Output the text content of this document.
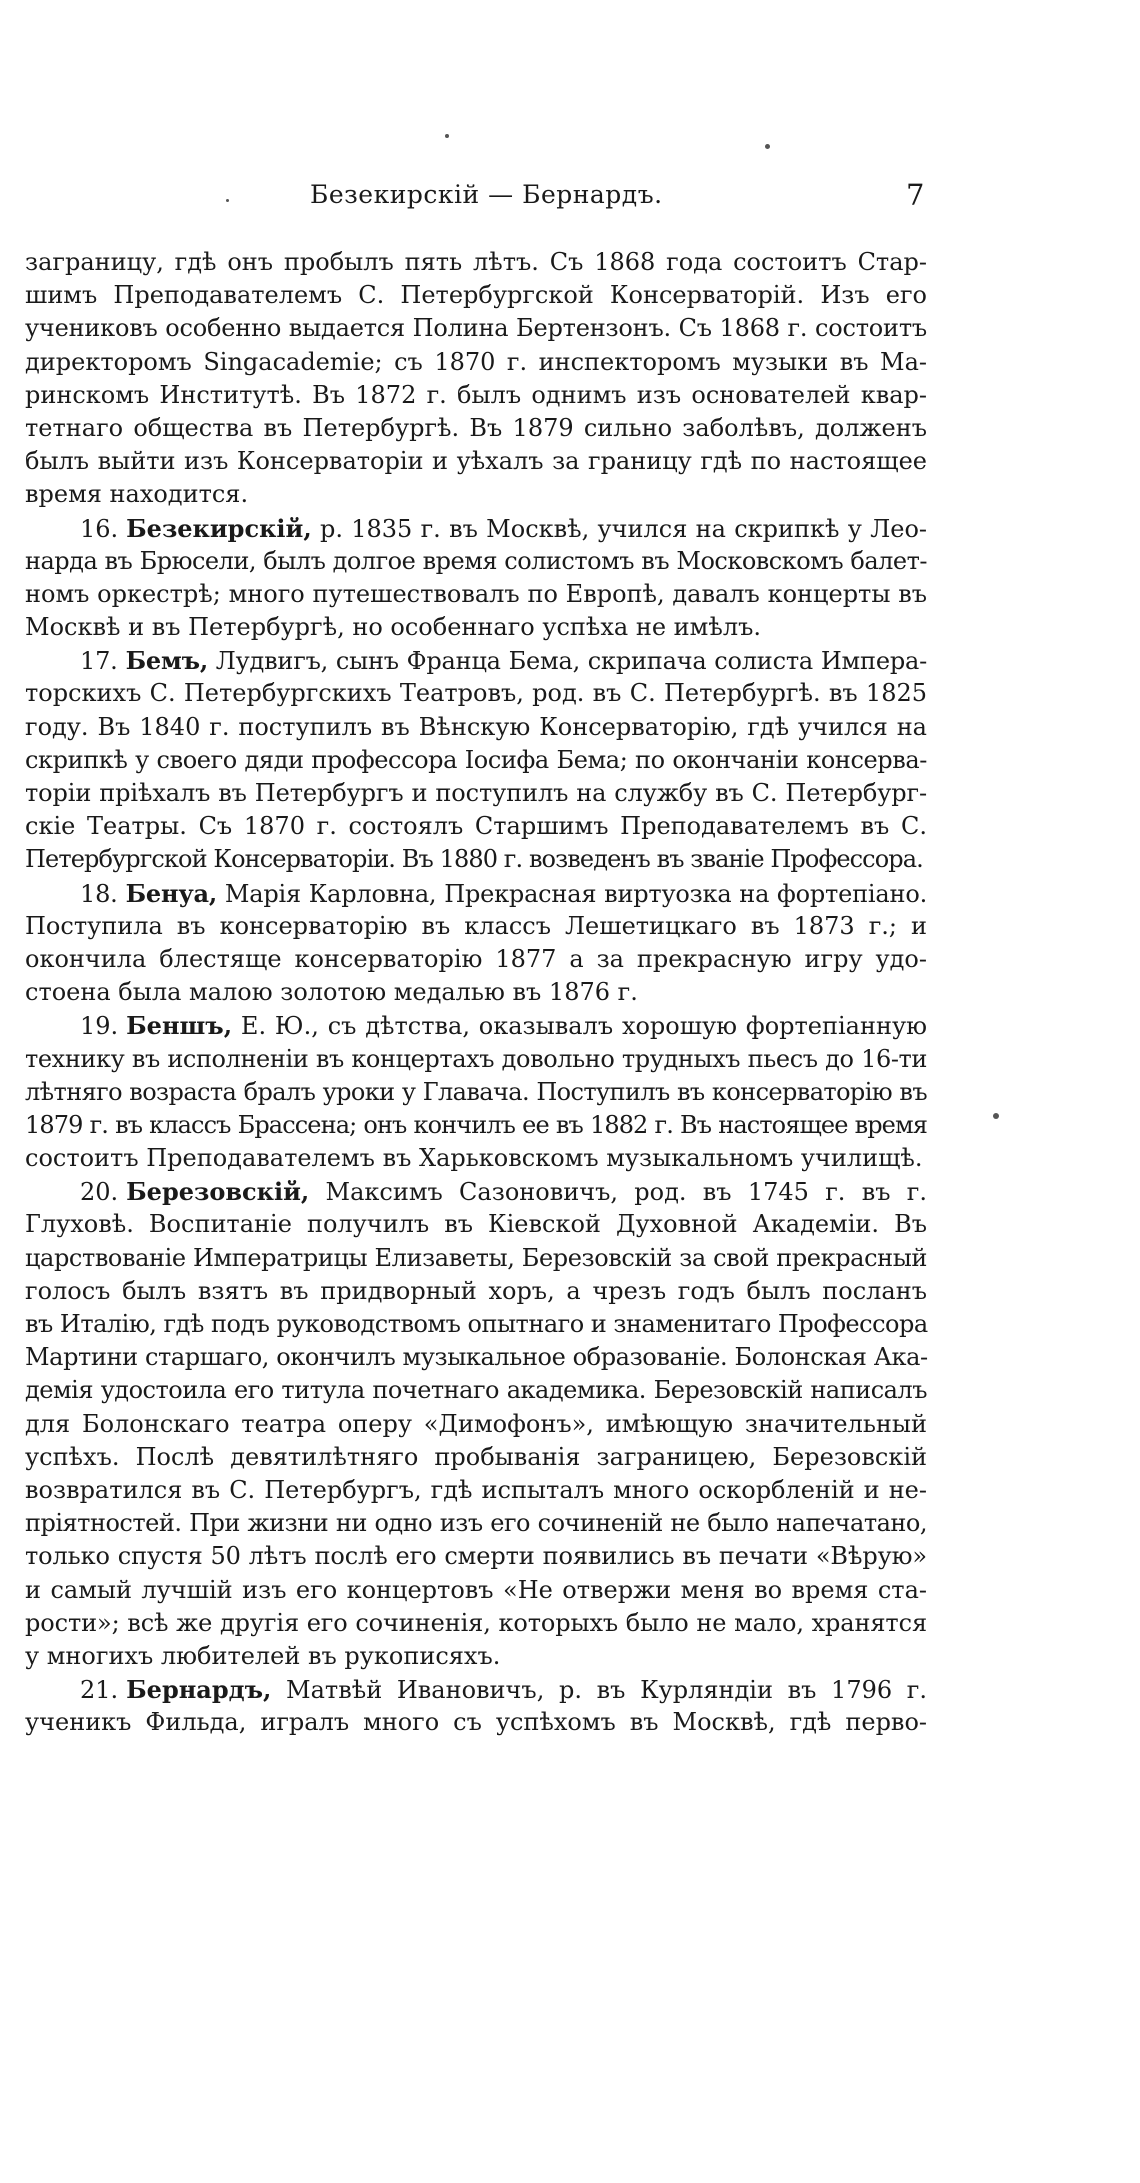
Безекирскій — Бернардъ.	7
заграницу, гдѣ онъ пробылъ пять лѣтъ. Съ 1868 года состоитъ Стар-
шимъ Преподавателемъ С. Петербургской Консерваторій. Изъ его
учениковъ особенно выдается Полина Бертензонъ. Съ 1868 г. состоитъ
директоромъ Singacademie; съ 1870 г. инспекторомъ музыки въ Ма-
ринскомъ Институтѣ. Въ 1872 г. былъ однимъ изъ основателей квар-
тетнаго общества въ Петербургѣ. Въ 1879 сильно заболѣвъ, долженъ
былъ выйти изъ Консерваторіи и уѣхалъ за границу гдѣ по настоящее
время находится.
16. Безекирскій, р. 1835 г. въ Москвѣ, учился на скрипкѣ у Лео-
нарда въ Брюсели, былъ долгое время солистомъ въ Московскомъ балет-
номъ оркестрѣ; много путешествовалъ по Европѣ, давалъ концерты въ
Москвѣ и въ Петербургѣ, но особеннаго успѣха не имѣлъ.
17. Бемъ, Лудвигъ, сынъ Франца Бема, скрипача солиста Импера-
торскихъ С. Петербургскихъ Театровъ, род. въ С. Петербургѣ. въ 1825
году. Въ 1840 г. поступилъ въ Вѣнскую Консерваторію, гдѣ учился на
скрипкѣ у своего дяди профессора Іосифа Бема; по окончаніи консерва-
торіи пріѣхалъ въ Петербургъ и поступилъ на службу въ С. Петербург-
скіе Театры. Съ 1870 г. состоялъ Старшимъ Преподавателемъ въ С.
Петербургской Консерваторіи. Въ 1880 г. возведенъ въ званіе Профессора.
18. Бенуа, Марія Карловна, Прекрасная виртуозка на фортепіано.
Поступила въ консерваторію въ классъ Лешетицкаго въ 1873 г.; и
окончила блестяще консерваторію 1877 а за прекрасную игру удо-
стоена была малою золотою медалью въ 1876 г.
19. Беншъ, Е. Ю., съ дѣтства, оказывалъ хорошую фортепіанную
технику въ исполненіи въ концертахъ довольно трудныхъ пьесъ до 16-ти
лѣтняго возраста бралъ уроки у Главача. Поступилъ въ консерваторію въ
1879 г. въ классъ Брассена; онъ кончилъ ее въ 1882 г. Въ настоящее время
состоитъ Преподавателемъ въ Харьковскомъ музыкальномъ училищѣ.
20. Березовскій, Максимъ Сазоновичъ, род. въ 1745 г. въ г.
Глуховѣ. Воспитаніе получилъ въ Кіевской Духовной Академіи. Въ
царствованіе Императрицы Елизаветы, Березовскій за свой прекрасный
голосъ былъ взятъ въ придворный хоръ, а чрезъ годъ былъ посланъ
въ Италію, гдѣ подъ руководствомъ опытнаго и знаменитаго Профессора
Мартини старшаго, окончилъ музыкальное образованіе. Болонская Ака-
демія удостоила его титула почетнаго академика. Березовскій написалъ
для Болонскаго театра оперу «Димофонъ», имѣющую значительный
успѣхъ. Послѣ девятилѣтняго пробыванія заграницею, Березовскій
возвратился въ С. Петербургъ, гдѣ испыталъ много оскорбленій и не-
пріятностей. При жизни ни одно изъ его сочиненій не было напечатано,
только спустя 50 лѣтъ послѣ его смерти появились въ печати «Вѣрую»
и самый лучшій изъ его концертовъ «Не отвержи меня во время ста-
рости»; всѣ же другія его сочиненія, которыхъ было не мало, хранятся
у многихъ любителей въ рукописяхъ.
21. Бернардъ, Матвѣй Ивановичъ, р. въ Курляндіи въ 1796 г.
ученикъ Фильда, игралъ много съ успѣхомъ въ Москвѣ, гдѣ перво-
